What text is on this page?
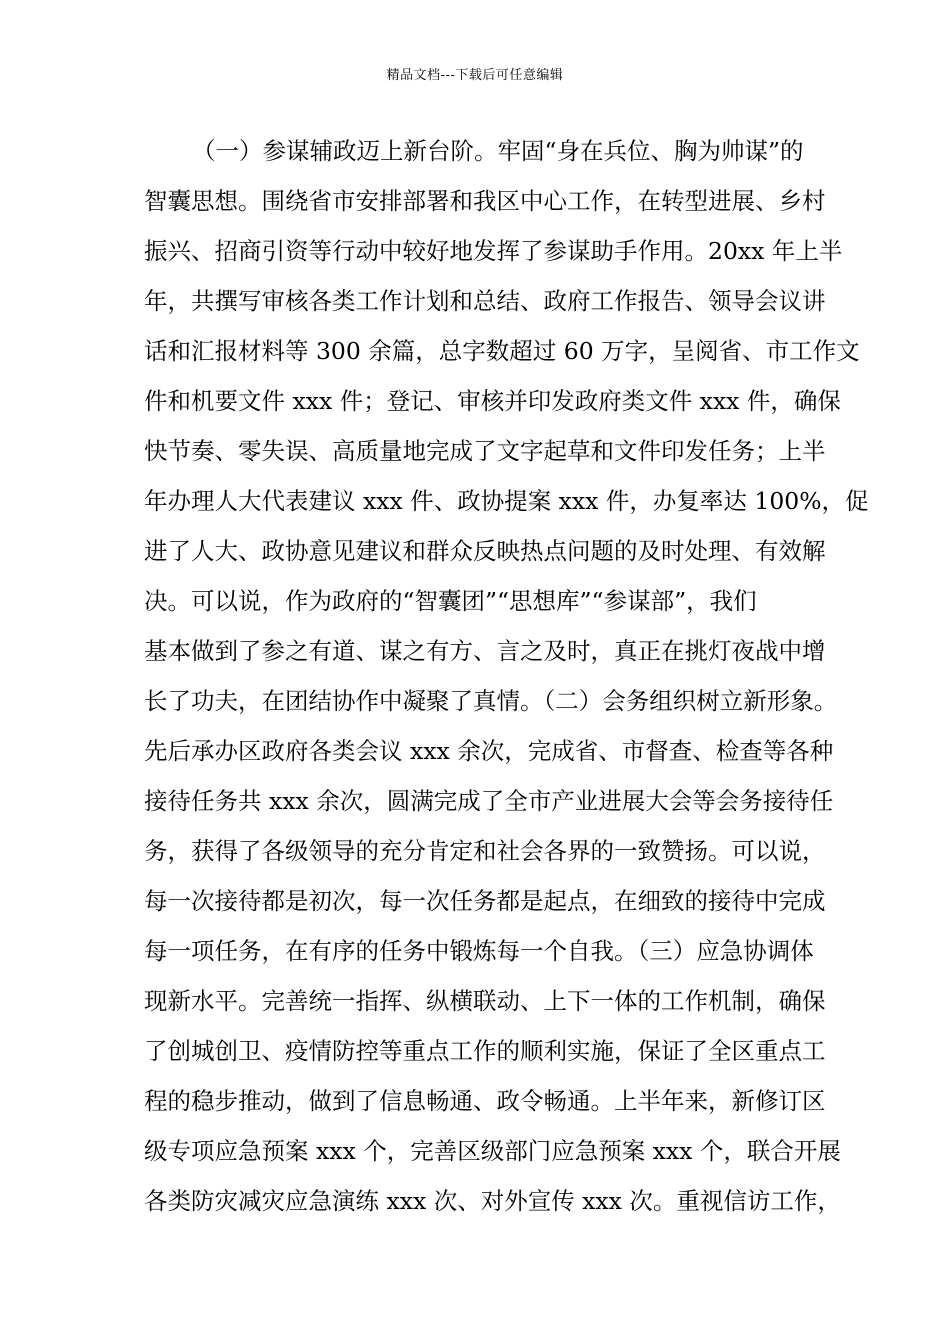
精品文档---下载后可任意编辑
（一）参谋辅政迈上新台阶。牢固“身在兵位、胸为帅谋”的
智囊思想。围绕省市安排部署和我区中心工作，在转型进展、乡村
振兴、招商引资等行动中较好地发挥了参谋助手作用。20xx 年上半
年，共撰写审核各类工作计划和总结、政府工作报告、领导会议讲
话和汇报材料等 300 余篇，总字数超过 60 万字，呈阅省、市工作文
件和机要文件 xxx 件；登记、审核并印发政府类文件 xxx 件，确保
快节奏、零失误、高质量地完成了文字起草和文件印发任务；上半
年办理人大代表建议 xxx 件、政协提案 xxx 件，办复率达 100%，促
进了人大、政协意见建议和群众反映热点问题的及时处理、有效解
决。可以说，作为政府的“智囊团”“思想库”“参谋部”，我们
基本做到了参之有道、谋之有方、言之及时，真正在挑灯夜战中增
长了功夫，在团结协作中凝聚了真情。（二）会务组织树立新形象。
先后承办区政府各类会议 xxx 余次，完成省、市督查、检查等各种
接待任务共 xxx 余次，圆满完成了全市产业进展大会等会务接待任
务，获得了各级领导的充分肯定和社会各界的一致赞扬。可以说，
每一次接待都是初次，每一次任务都是起点，在细致的接待中完成
每一项任务，在有序的任务中锻炼每一个自我。（三）应急协调体
现新水平。完善统一指挥、纵横联动、上下一体的工作机制，确保
了创城创卫、疫情防控等重点工作的顺利实施，保证了全区重点工
程的稳步推动，做到了信息畅通、政令畅通。上半年来，新修订区
级专项应急预案 xxx 个，完善区级部门应急预案 xxx 个，联合开展
各类防灾减灾应急演练 xxx 次、对外宣传 xxx 次。重视信访工作，
